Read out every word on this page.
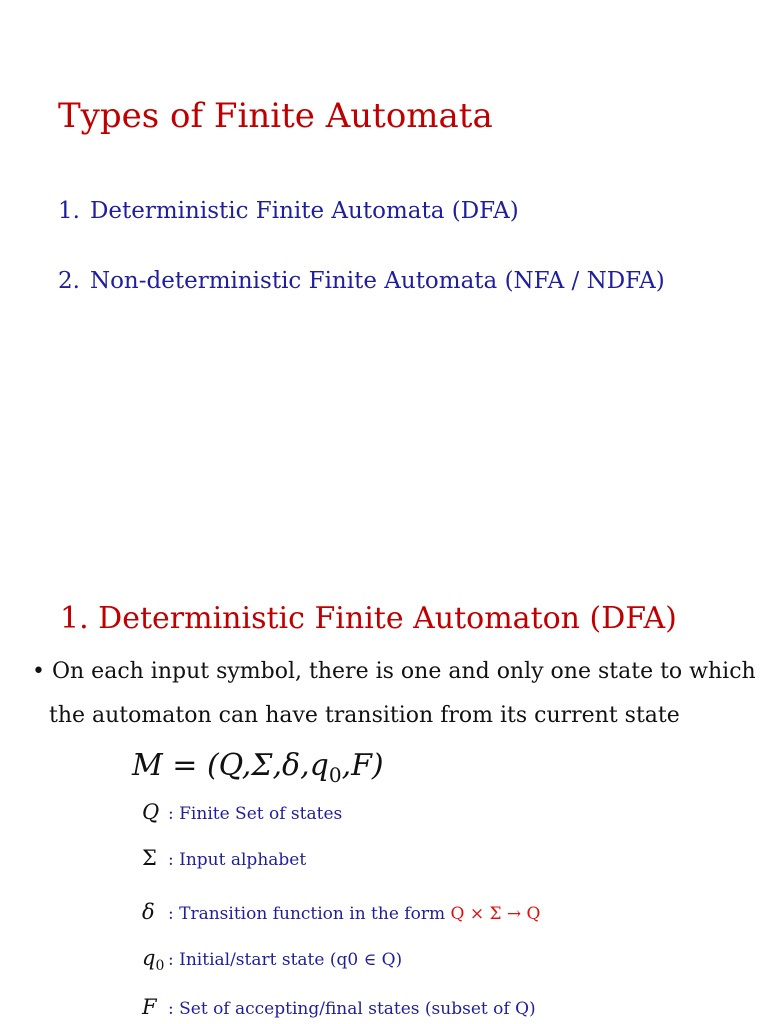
Types of Finite Automata
1. Deterministic Finite Automata (DFA)
2. Non-deterministic Finite Automata (NFA / NDFA)
1. Deterministic Finite Automaton (DFA)
• On each input symbol, there is one and only one state to which
the automaton can have transition from its current state
$M = (Q,\Sigma,\delta,q_0,F)$
Q : Finite Set of states
Σ : Input alphabet
δ : Transition function in the form Q × Σ → Q
$q_0$ : Initial/start state (q0 ∈ Q)
F : Set of accepting/final states (subset of Q)
